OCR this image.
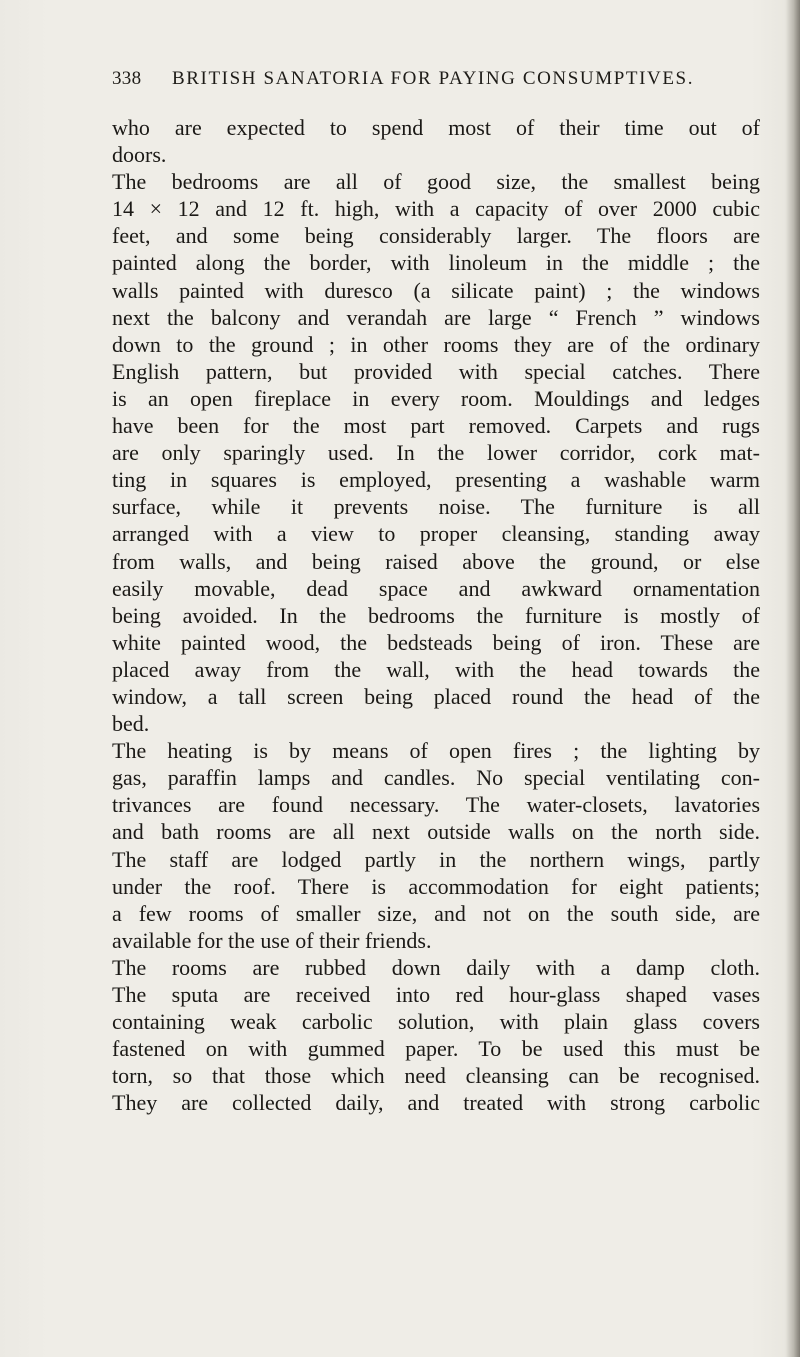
338 BRITISH SANATORIA FOR PAYING CONSUMPTIVES.
who are expected to spend most of their time out of
doors.
The bedrooms are all of good size, the smallest being
14 × 12 and 12 ft. high, with a capacity of over 2000 cubic
feet, and some being considerably larger. The floors are
painted along the border, with linoleum in the middle ; the
walls painted with duresco (a silicate paint) ; the windows
next the balcony and verandah are large “ French ” windows
down to the ground ; in other rooms they are of the ordinary
English pattern, but provided with special catches. There
is an open fireplace in every room. Mouldings and ledges
have been for the most part removed. Carpets and rugs
are only sparingly used. In the lower corridor, cork mat-
ting in squares is employed, presenting a washable warm
surface, while it prevents noise. The furniture is all
arranged with a view to proper cleansing, standing away
from walls, and being raised above the ground, or else
easily movable, dead space and awkward ornamentation
being avoided. In the bedrooms the furniture is mostly of
white painted wood, the bedsteads being of iron. These are
placed away from the wall, with the head towards the
window, a tall screen being placed round the head of the
bed.
The heating is by means of open fires ; the lighting by
gas, paraffin lamps and candles. No special ventilating con-
trivances are found necessary. The water-closets, lavatories
and bath rooms are all next outside walls on the north side.
The staff are lodged partly in the northern wings, partly
under the roof. There is accommodation for eight patients;
a few rooms of smaller size, and not on the south side, are
available for the use of their friends.
The rooms are rubbed down daily with a damp cloth.
The sputa are received into red hour-glass shaped vases
containing weak carbolic solution, with plain glass covers
fastened on with gummed paper. To be used this must be
torn, so that those which need cleansing can be recognised.
They are collected daily, and treated with strong carbolic
